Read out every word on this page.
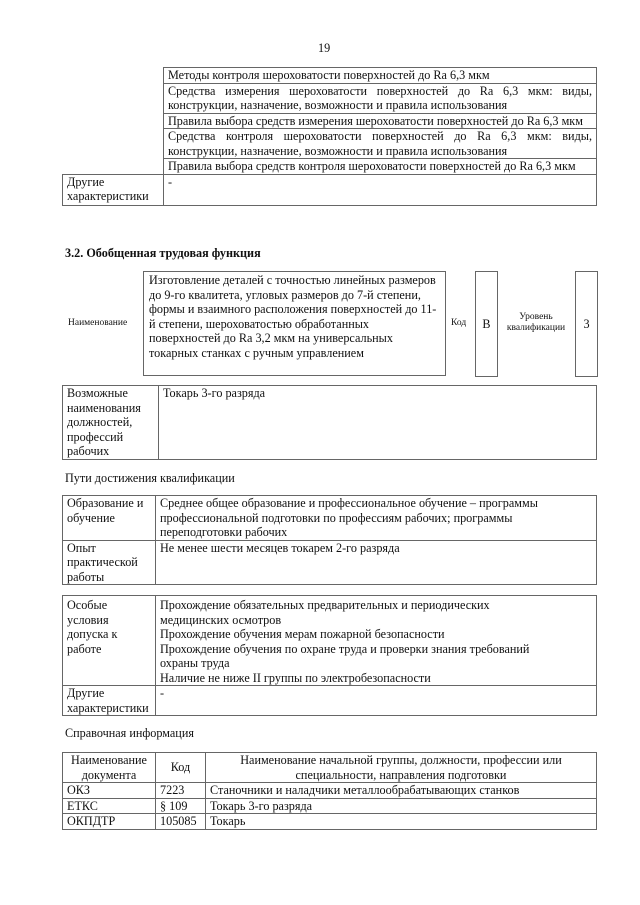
19
	Методы контроля шероховатости поверхностей до Ra 6,3 мкм
	Средства измерения шероховатости поверхностей до Ra 6,3 мкм: виды, конструкции, назначение, возможности и правила использования
	Правила выбора средств измерения шероховатости поверхностей до Ra 6,3 мкм
	Средства контроля шероховатости поверхностей до Ra 6,3 мкм: виды, конструкции, назначение, возможности и правила использования
	Правила выбора средств контроля шероховатости поверхностей до Ra 6,3 мкм
Другие характеристики	-
3.2. Обобщенная трудовая функция
Наименование
Изготовление деталей с точностью линейных размеров до 9-го квалитета, угловых размеров до 7-й степени, формы и взаимного расположения поверхностей до 11-й степени, шероховатостью обработанных поверхностей до Ra 3,2 мкм на универсальных токарных станках с ручным управлением
Код	В	Уровень квалификации	3
Возможные наименования должностей, профессий рабочих	Токарь 3-го разряда
Пути достижения квалификации
Образование и обучение	Среднее общее образование и профессиональное обучение – программы профессиональной подготовки по профессиям рабочих; программы переподготовки рабочих
Опыт практической работы	Не менее шести месяцев токарем 2-го разряда
Особые условия допуска к работе	Прохождение обязательных предварительных и периодических медицинских осмотров
Прохождение обучения мерам пожарной безопасности
Прохождение обучения по охране труда и проверки знания требований охраны труда
Наличие не ниже II группы по электробезопасности

Другие характеристики	-
Справочная информация
Наименование документа	Код	Наименование начальной группы, должности, профессии или специальности, направления подготовки
ОКЗ	7223	Станочники и наладчики металлообрабатывающих станков
ЕТКС	§ 109	Токарь 3-го разряда
ОКПДТР	105085	Токарь
